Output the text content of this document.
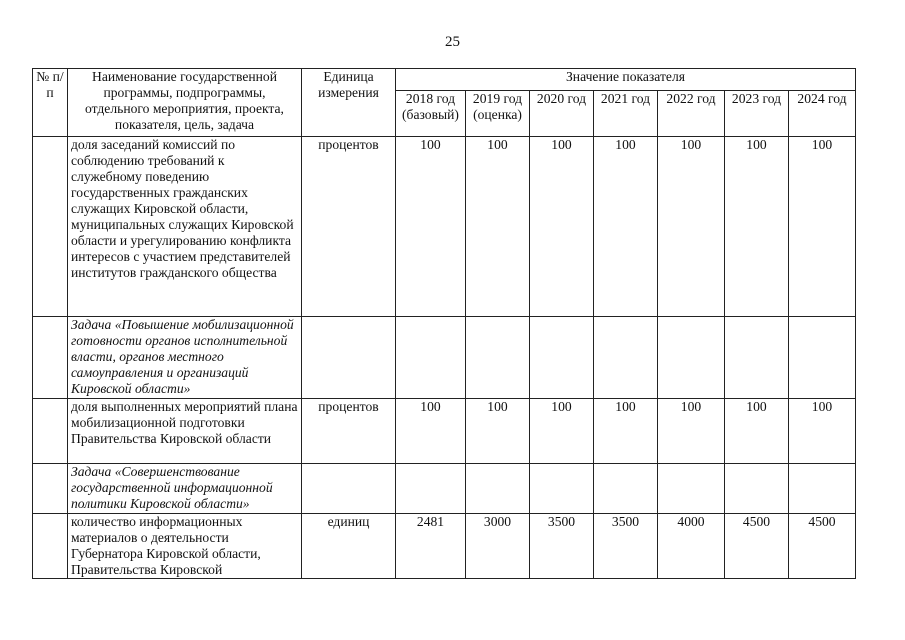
25
№ п/п	Наименование государственной программы, подпрограммы, отдельного мероприятия, проекта, показателя, цель, задача	Единица измерения	Значение показателя						
			2018 год (базовый)	2019 год (оценка)	2020 год	2021 год	2022 год	2023 год	2024 год
	доля заседаний комиссий по соблюдению требований к служебному поведению государственных гражданских служащих Кировской области, муниципальных служащих Кировской области и урегулированию конфликта интересов с участием представителей институтов гражданского общества	процентов	100	100	100	100	100	100	100
	Задача «Повышение мобилизационной готовности органов исполнительной власти, органов местного самоуправления и организаций Кировской области»								
	доля выполненных мероприятий плана мобилизационной подготовки Правительства Кировской области	процентов	100	100	100	100	100	100	100
	Задача «Совершенствование государственной информационной политики Кировской области»								
	количество информационных материалов о деятельности Губернатора Кировской области, Правительства Кировской	единиц	2481	3000	3500	3500	4000	4500	4500
